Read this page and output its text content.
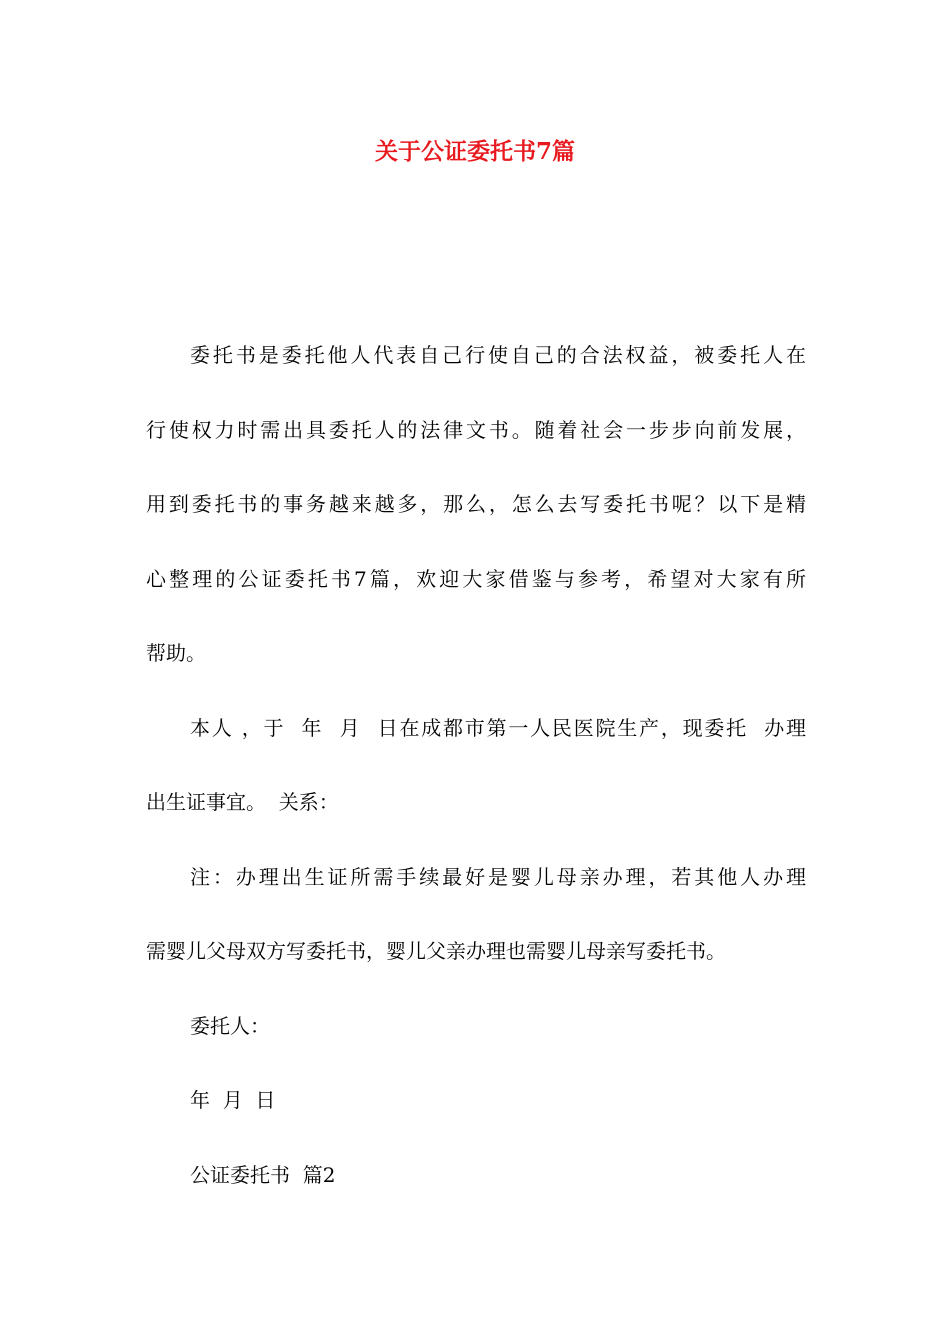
关于公证委托书7篇
委托书是委托他人代表自己行使自己的合法权益，被委托人在
行使权力时需出具委托人的法律文书。随着社会一步步向前发展，
用到委托书的事务越来越多，那么，怎么去写委托书呢？以下是精
心整理的公证委托书7篇，欢迎大家借鉴与参考，希望对大家有所
帮助。
本人 ，于  年  月  日在成都市第一人民医院生产，现委托  办理
出生证事宜。  关系：
注：办理出生证所需手续最好是婴儿母亲办理，若其他人办理
需婴儿父母双方写委托书，婴儿父亲办理也需婴儿母亲写委托书。
委托人：
年  月  日
公证委托书  篇2
